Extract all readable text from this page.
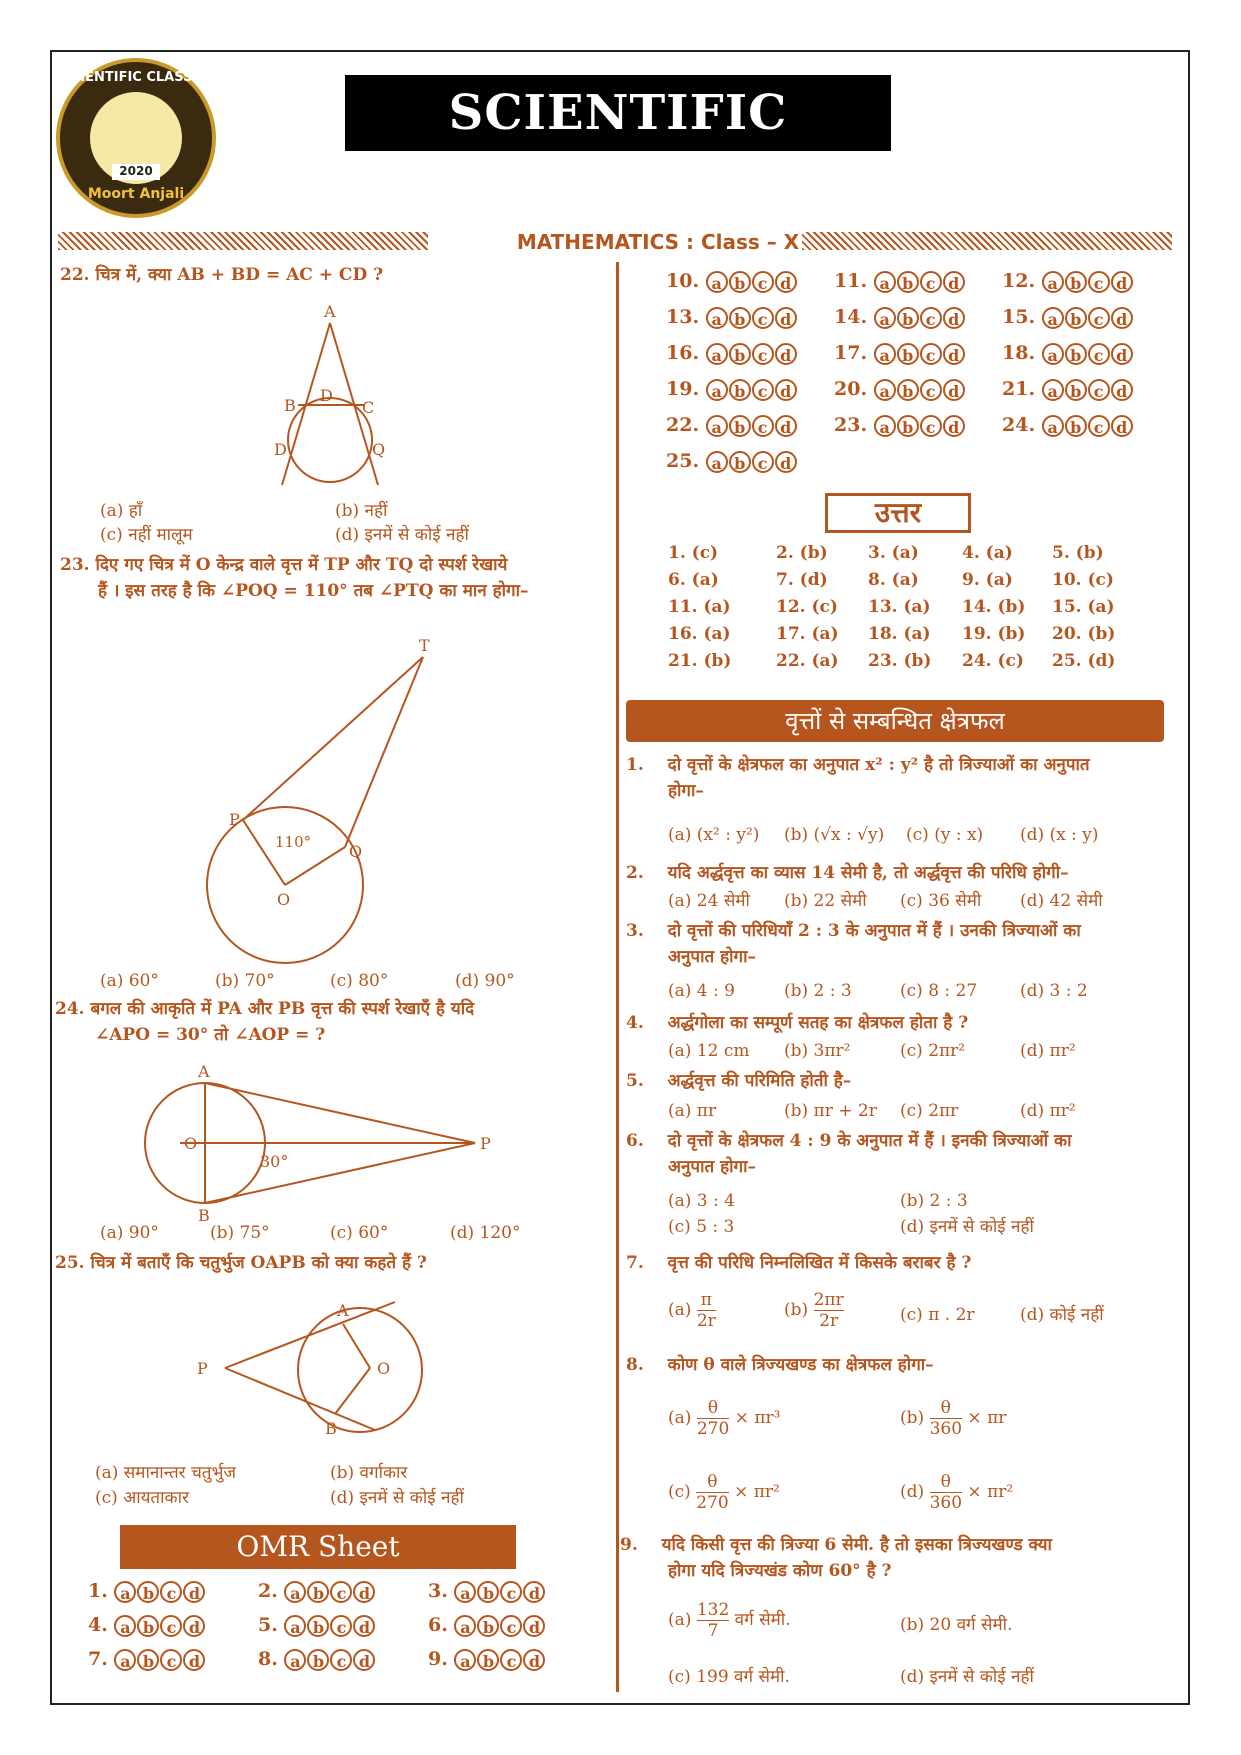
SCIENTIFIC CLASSES
2020
Moort Anjali
SCIENTIFIC CLASSES
MATHEMATICS : Class – X
22. चित्र में, क्या AB + BD = AC + CD ?
A
B
D
C
D	Q
(a) हाँ	(b) नहीं
(c) नहीं मालूम	(d) इनमें से कोई नहीं
23. दिए गए चित्र में O केन्द्र वाले वृत्त में TP और TQ दो स्पर्श रेखाये
हैं । इस तरह है कि ∠POQ = 110° तब ∠PTQ का मान होगा–
T
P
Q
O
110°
(a) 60°	(b) 70°	(c) 80°	(d) 90°
24. बगल की आकृति में PA और PB वृत्त की स्पर्श रेखाएँ है यदि
∠APO = 30° तो ∠AOP = ?
A
B
O	P
30°
(a) 90°	(b) 75°	(c) 60°	(d) 120°
25. चित्र में बताएँ कि चतुर्भुज OAPB को क्या कहते हैं ?
A
B
O
P
(a) समानान्तर चतुर्भुज	(b) वर्गाकार
(c) आयताकार	(d) इनमें से कोई नहीं
OMR Sheet
1. a b c d	2. a b c d	3. a b c d
4. a b c d	5. a b c d	6. a b c d
7. a b c d	8. a b c d	9. a b c d
10. a b c d	11. a b c d	12. a b c d
13. a b c d	14. a b c d	15. a b c d
16. a b c d	17. a b c d	18. a b c d
19. a b c d	20. a b c d	21. a b c d
22. a b c d	23. a b c d	24. a b c d
25. a b c d
उत्तर
1. (c)	2. (b) 3. (a)	4. (a) 5. (b)
6. (a)	7. (d) 8. (a)	9. (a) 10. (c)
11. (a)	12. (c) 13. (a) 14. (b) 15. (a)
16. (a)	17. (a) 18. (a) 19. (b) 20. (b)
21. (b)	22. (a) 23. (b) 24. (c) 25. (d)
वृत्तों से सम्बन्धित क्षेत्रफल
1. दो वृत्तों के क्षेत्रफल का अनुपात x² : y² है तो त्रिज्याओं का अनुपात
होगा–
(a) (x² : y²) (b) (√x : √y) (c) (y : x) (d) (x : y)
2. यदि अर्द्धवृत्त का व्यास 14 सेमी है, तो अर्द्धवृत्त की परिधि होगी–
(a) 24 सेमी (b) 22 सेमी (c) 36 सेमी (d) 42 सेमी
3. दो वृत्तों की परिधियाँ 2 : 3 के अनुपात में हैं । उनकी त्रिज्याओं का
अनुपात होगा–
(a) 4 : 9	(b) 2 : 3	(c) 8 : 27	(d) 3 : 2
4. अर्द्धगोला का सम्पूर्ण सतह का क्षेत्रफल होता है ?
(a) 12 cm (b) 3πr²	(c) 2πr²	(d) πr²
5. अर्द्धवृत्त की परिमिति होती है–
(a) πr	(b) πr + 2r (c) 2πr	(d) πr²
6. दो वृत्तों के क्षेत्रफल 4 : 9 के अनुपात में हैं । इनकी त्रिज्याओं का
अनुपात होगा–
(a) 3 : 4	(b) 2 : 3
(c) 5 : 3	(d) इनमें से कोई नहीं
7. वृत्त की परिधि निम्नलिखित में किसके बराबर है ?
$(a) \frac{\pi}{2r}$	$(b) \frac{2\pi r}{2r}$	(c) π . 2r	(d) कोई नहीं
8. कोण θ वाले त्रिज्यखण्ड का क्षेत्रफल होगा–
$(a) \frac{\theta}{270} \times \pi r^3$	$(b) \frac{\theta}{360} \times \pi r$
$(c) \frac{\theta}{270} \times \pi r^2$	$(d) \frac{\theta}{360} \times \pi r^2$
9. यदि किसी वृत्त की त्रिज्या 6 सेमी. है तो इसका त्रिज्यखण्ड क्या
होगा यदि त्रिज्यखंड कोण 60° है ?
$(a) \frac{132}{7}$ वर्ग सेमी.	(b) 20 वर्ग सेमी.
(c) 199 वर्ग सेमी.	(d) इनमें से कोई नहीं
